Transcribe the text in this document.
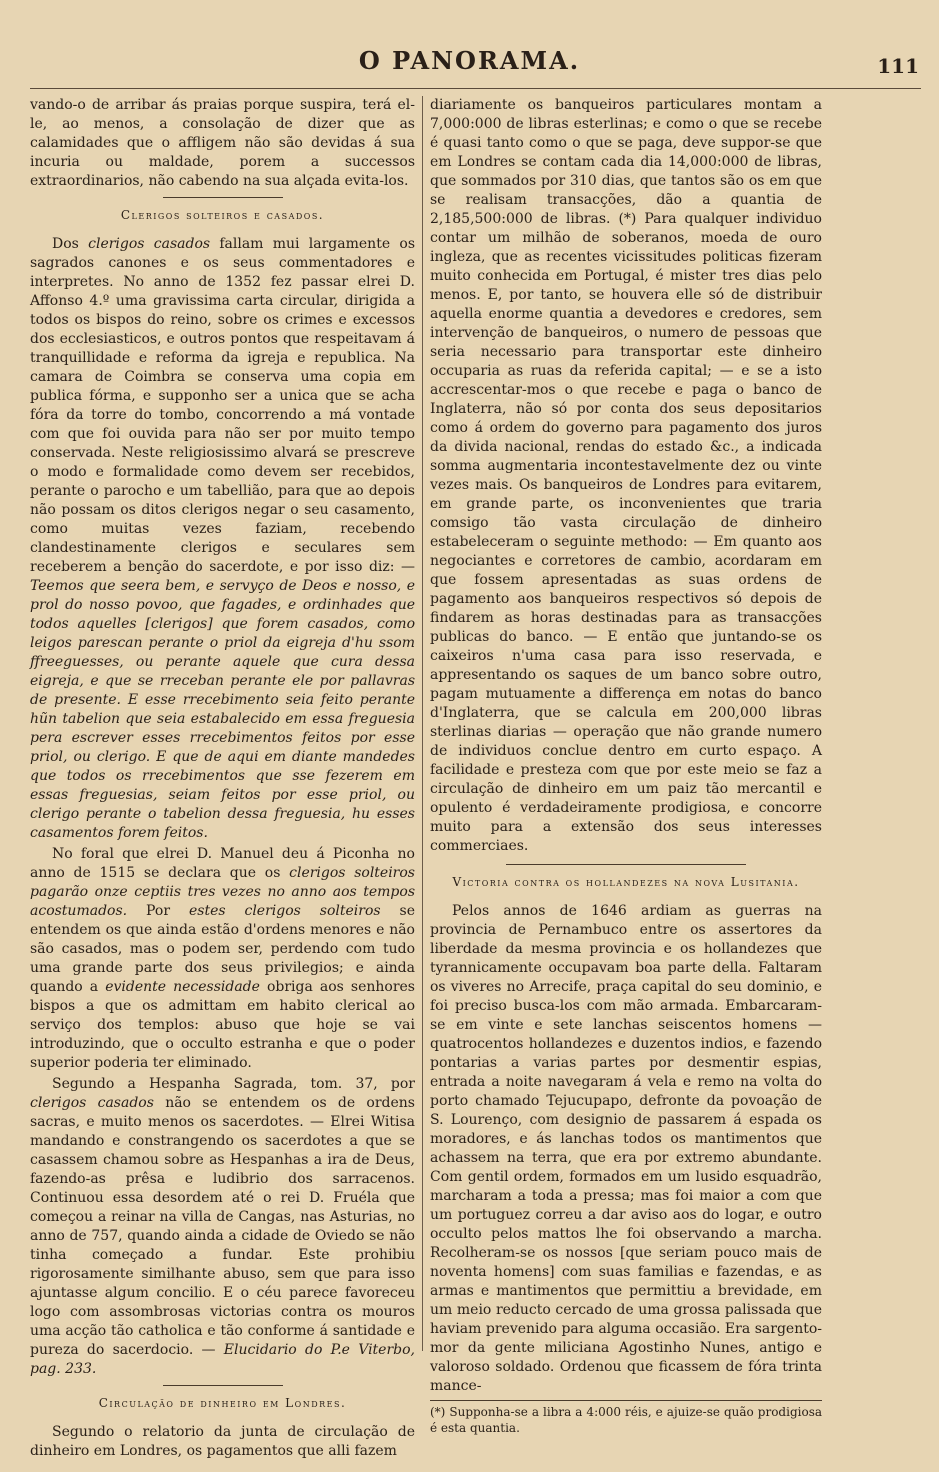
O PANORAMA.	111

vando-o de arribar ás praias porque suspira, terá el-le, ao menos, a consolação de dizer que as calamidades que o affligem não são devidas á sua incuria ou maldade, porem a successos extraordinarios, não cabendo na sua alçada evita-los.

Clerigos solteiros e casados.

Dos clerigos casados fallam mui largamente os sagrados canones e os seus commentadores e interpretes. No anno de 1352 fez passar elrei D. Affonso 4.º uma gravissima carta circular, dirigida a todos os bispos do reino, sobre os crimes e excessos dos ecclesiasticos, e outros pontos que respeitavam á tranquillidade e reforma da igreja e republica. Na camara de Coimbra se conserva uma copia em publica fórma, e supponho ser a unica que se acha fóra da torre do tombo, concorrendo a má vontade com que foi ouvida para não ser por muito tempo conservada. Neste religiosissimo alvará se prescreve o modo e formalidade como devem ser recebidos, perante o parocho e um tabellião, para que ao depois não possam os ditos clerigos negar o seu casamento, como muitas vezes faziam, recebendo clandestinamente clerigos e seculares sem receberem a benção do sacerdote, e por isso diz: — Teemos que seera bem, e servyço de Deos e nosso, e prol do nosso povoo, que fagades, e ordinhades que todos aquelles [clerigos] que forem casados, como leigos parescan perante o priol da eigreja d'hu ssom ffreeguesses, ou perante aquele que cura dessa eigreja, e que se rreceban perante ele por pallavras de presente. E esse rrecebimento seia feito perante hũn tabelion que seia estabalecido em essa freguesia pera escrever esses rrecebimentos feitos por esse priol, ou clerigo. E que de aqui em diante mandedes que todos os rrecebimentos que sse fezerem em essas freguesias, seiam feitos por esse priol, ou clerigo perante o tabelion dessa freguesia, hu esses casamentos forem feitos.

No foral que elrei D. Manuel deu á Piconha no anno de 1515 se declara que os clerigos solteiros pagarão onze ceptiis tres vezes no anno aos tempos acostumados. Por estes clerigos solteiros se entendem os que ainda estão d'ordens menores e não são casados, mas o podem ser, perdendo com tudo uma grande parte dos seus privilegios; e ainda quando a evidente necessidade obriga aos senhores bispos a que os admittam em habito clerical ao serviço dos templos: abuso que hoje se vai introduzindo, que o occulto estranha e que o poder superior poderia ter eliminado.

Segundo a Hespanha Sagrada, tom. 37, por clerigos casados não se entendem os de ordens sacras, e muito menos os sacerdotes. — Elrei Witisa mandando e constrangendo os sacerdotes a que se casassem chamou sobre as Hespanhas a ira de Deus, fazendo-as prêsa e ludibrio dos sarracenos. Continuou essa desordem até o rei D. Fruéla que começou a reinar na villa de Cangas, nas Asturias, no anno de 757, quando ainda a cidade de Oviedo se não tinha começado a fundar. Este prohibiu rigorosamente similhante abuso, sem que para isso ajuntasse algum concilio. E o céu parece favoreceu logo com assombrosas victorias contra os mouros uma acção tão catholica e tão conforme á santidade e pureza do sacerdocio. — Elucidario do P.e Viterbo, pag. 233.

Circulação de dinheiro em Londres.

Segundo o relatorio da junta de circulação de dinheiro em Londres, os pagamentos que alli fazem

diariamente os banqueiros particulares montam a 7,000:000 de libras esterlinas; e como o que se recebe é quasi tanto como o que se paga, deve suppor-se que em Londres se contam cada dia 14,000:000 de libras, que sommados por 310 dias, que tantos são os em que se realisam transacções, dão a quantia de 2,185,500:000 de libras. (*) Para qualquer individuo contar um milhão de soberanos, moeda de ouro ingleza, que as recentes vicissitudes politicas fizeram muito conhecida em Portugal, é mister tres dias pelo menos. E, por tanto, se houvera elle só de distribuir aquella enorme quantia a devedores e credores, sem intervenção de banqueiros, o numero de pessoas que seria necessario para transportar este dinheiro occuparia as ruas da referida capital; — e se a isto accrescentar-mos o que recebe e paga o banco de Inglaterra, não só por conta dos seus depositarios como á ordem do governo para pagamento dos juros da divida nacional, rendas do estado &c., a indicada somma augmentaria incontestavelmente dez ou vinte vezes mais. Os banqueiros de Londres para evitarem, em grande parte, os inconvenientes que traria comsigo tão vasta circulação de dinheiro estabeleceram o seguinte methodo: — Em quanto aos negociantes e corretores de cambio, acordaram em que fossem apresentadas as suas ordens de pagamento aos banqueiros respectivos só depois de findarem as horas destinadas para as transacções publicas do banco. — E então que juntando-se os caixeiros n'uma casa para isso reservada, e appresentando os saques de um banco sobre outro, pagam mutuamente a differença em notas do banco d'Inglaterra, que se calcula em 200,000 libras sterlinas diarias — operação que não grande numero de individuos conclue dentro em curto espaço. A facilidade e presteza com que por este meio se faz a circulação de dinheiro em um paiz tão mercantil e opulento é verdadeiramente prodigiosa, e concorre muito para a extensão dos seus interesses commerciaes.

Victoria contra os hollandezes na nova Lusitania.

Pelos annos de 1646 ardiam as guerras na provincia de Pernambuco entre os assertores da liberdade da mesma provincia e os hollandezes que tyrannicamente occupavam boa parte della. Faltaram os viveres no Arrecife, praça capital do seu dominio, e foi preciso busca-los com mão armada. Embarcaram-se em vinte e sete lanchas seiscentos homens — quatrocentos hollandezes e duzentos indios, e fazendo pontarias a varias partes por desmentir espias, entrada a noite navegaram á vela e remo na volta do porto chamado Tejucupapo, defronte da povoação de S. Lourenço, com designio de passarem á espada os moradores, e ás lanchas todos os mantimentos que achassem na terra, que era por extremo abundante. Com gentil ordem, formados em um lusido esquadrão, marcharam a toda a pressa; mas foi maior a com que um portuguez correu a dar aviso aos do logar, e outro occulto pelos mattos lhe foi observando a marcha. Recolheram-se os nossos [que seriam pouco mais de noventa homens] com suas familias e fazendas, e as armas e mantimentos que permittiu a brevidade, em um meio reducto cercado de uma grossa palissada que haviam prevenido para alguma occasião. Era sargento-mor da gente miliciana Agostinho Nunes, antigo e valoroso soldado. Ordenou que ficassem de fóra trinta mance-

(*) Supponha-se a libra a 4:000 réis, e ajuize-se quão prodigiosa é esta quantia.
